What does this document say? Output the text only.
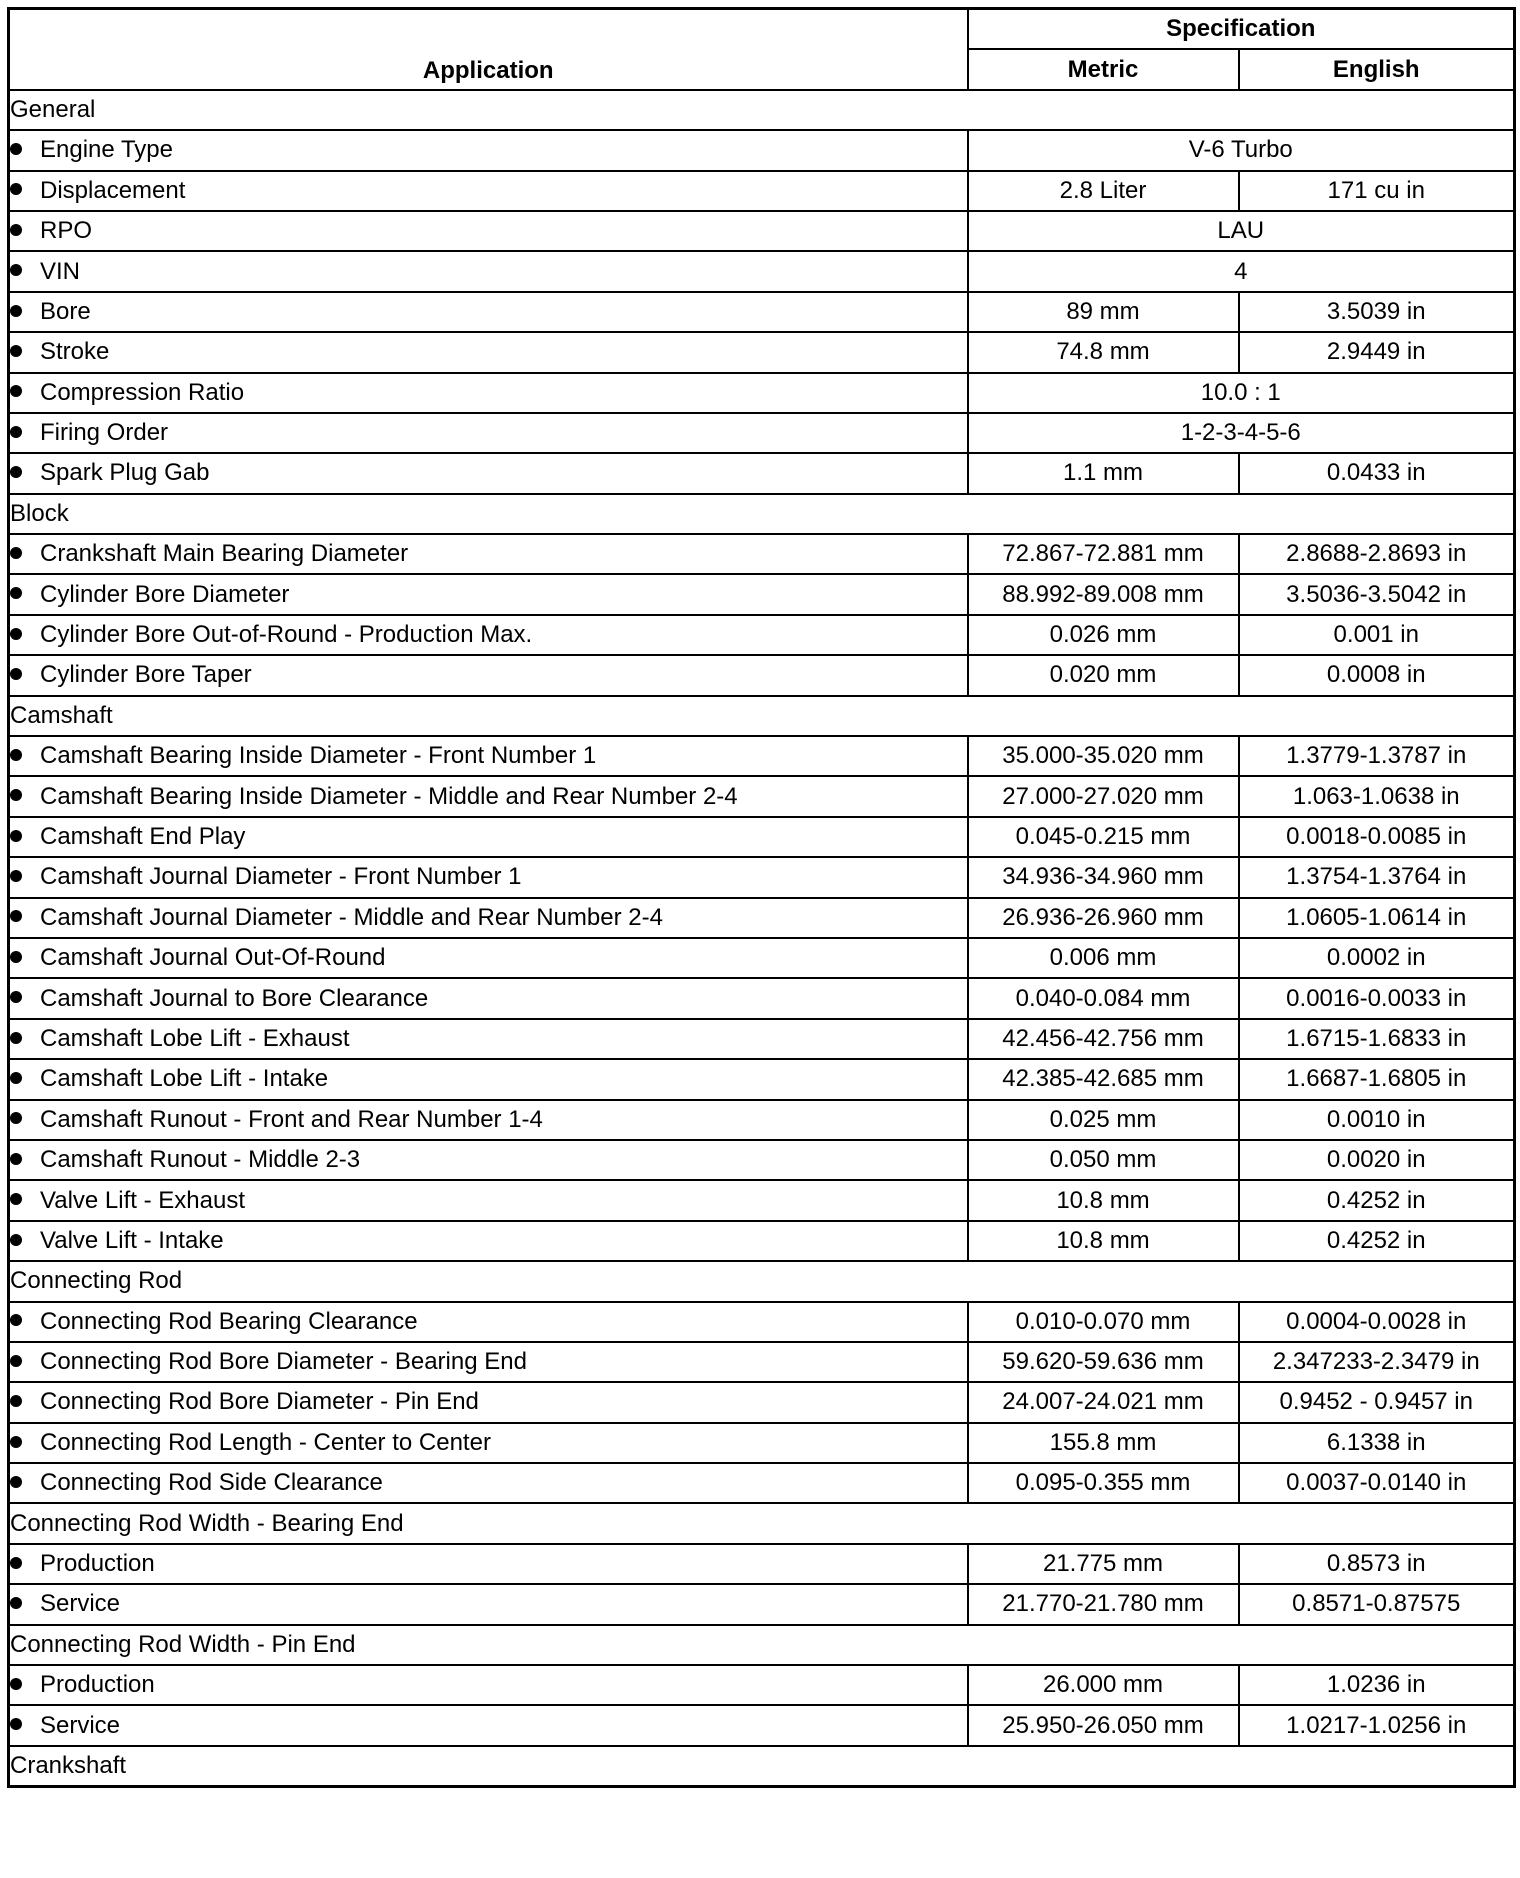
Application	Specification	
	Metric	English
General		
Engine Type	V-6 Turbo	
Displacement	2.8 Liter	171 cu in
RPO	LAU	
VIN	4	
Bore	89 mm	3.5039 in
Stroke	74.8 mm	2.9449 in
Compression Ratio	10.0 : 1	
Firing Order	1-2-3-4-5-6	
Spark Plug Gab	1.1 mm	0.0433 in
Block		
Crankshaft Main Bearing Diameter	72.867-72.881 mm	2.8688-2.8693 in
Cylinder Bore Diameter	88.992-89.008 mm	3.5036-3.5042 in
Cylinder Bore Out-of-Round - Production Max.	0.026 mm	0.001 in
Cylinder Bore Taper	0.020 mm	0.0008 in
Camshaft		
Camshaft Bearing Inside Diameter - Front Number 1	35.000-35.020 mm	1.3779-1.3787 in
Camshaft Bearing Inside Diameter - Middle and Rear Number 2-4	27.000-27.020 mm	1.063-1.0638 in
Camshaft End Play	0.045-0.215 mm	0.0018-0.0085 in
Camshaft Journal Diameter - Front Number 1	34.936-34.960 mm	1.3754-1.3764 in
Camshaft Journal Diameter - Middle and Rear Number 2-4	26.936-26.960 mm	1.0605-1.0614 in
Camshaft Journal Out-Of-Round	0.006 mm	0.0002 in
Camshaft Journal to Bore Clearance	0.040-0.084 mm	0.0016-0.0033 in
Camshaft Lobe Lift - Exhaust	42.456-42.756 mm	1.6715-1.6833 in
Camshaft Lobe Lift - Intake	42.385-42.685 mm	1.6687-1.6805 in
Camshaft Runout - Front and Rear Number 1-4	0.025 mm	0.0010 in
Camshaft Runout - Middle 2-3	0.050 mm	0.0020 in
Valve Lift - Exhaust	10.8 mm	0.4252 in
Valve Lift - Intake	10.8 mm	0.4252 in
Connecting Rod		
Connecting Rod Bearing Clearance	0.010-0.070 mm	0.0004-0.0028 in
Connecting Rod Bore Diameter - Bearing End	59.620-59.636 mm	2.347233-2.3479 in
Connecting Rod Bore Diameter - Pin End	24.007-24.021 mm	0.9452 - 0.9457 in
Connecting Rod Length - Center to Center	155.8 mm	6.1338 in
Connecting Rod Side Clearance	0.095-0.355 mm	0.0037-0.0140 in
Connecting Rod Width - Bearing End		
Production	21.775 mm	0.8573 in
Service	21.770-21.780 mm	0.8571-0.87575
Connecting Rod Width - Pin End		
Production	26.000 mm	1.0236 in
Service	25.950-26.050 mm	1.0217-1.0256 in
Crankshaft		
